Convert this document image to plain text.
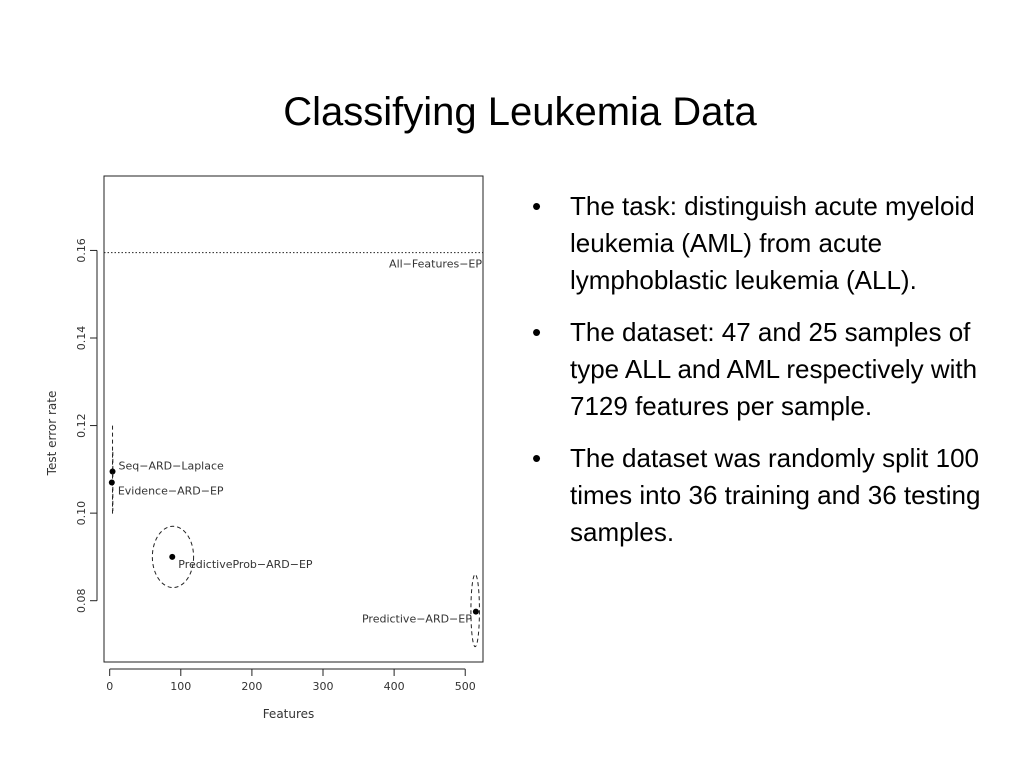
Classifying Leukemia Data
0	100	200	300	400	500
0.08
0.10
0.12
0.14
0.16
Features
Test error rate
All−Features−EP
Seq−ARD−Laplace
Evidence−ARD−EP
PredictiveProb−ARD−EP
Predictive−ARD−EP
• The task: distinguish acute myeloid leukemia (AML) from acute lymphoblastic leukemia (ALL).
• The dataset: 47 and 25 samples of type ALL and AML respectively with 7129 features per sample.
• The dataset was randomly split 100 times into 36 training and 36 testing samples.
